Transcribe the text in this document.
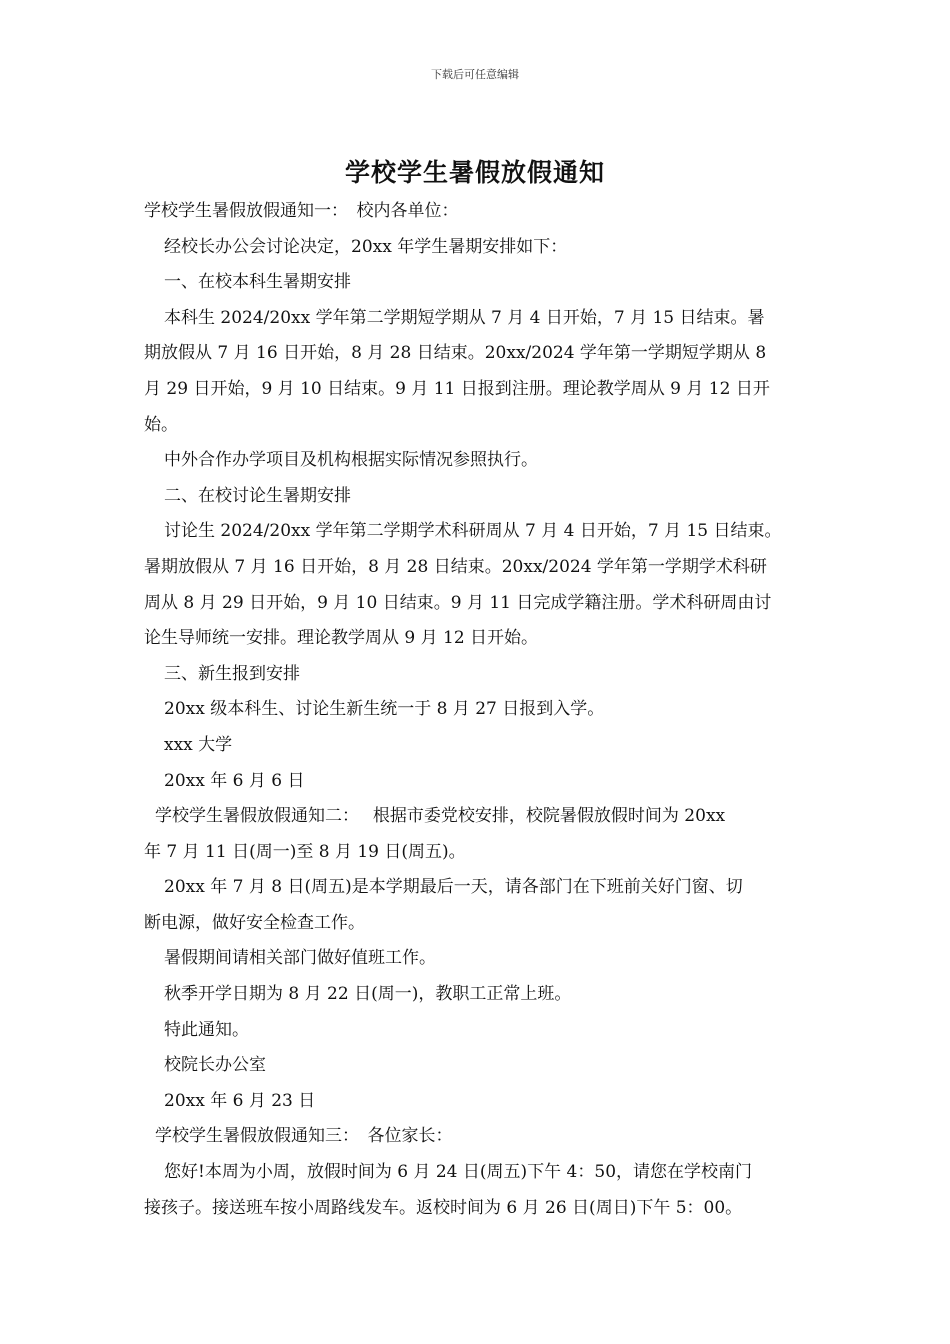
下载后可任意编辑
学校学生暑假放假通知
学校学生暑假放假通知一：　校内各单位：
经校长办公会讨论决定，20xx 年学生暑期安排如下：
一、在校本科生暑期安排
本科生 2024/20xx 学年第二学期短学期从 7 月 4 日开始，7 月 15 日结束。暑
期放假从 7 月 16 日开始，8 月 28 日结束。20xx/2024 学年第一学期短学期从 8
月 29 日开始，9 月 10 日结束。9 月 11 日报到注册。理论教学周从 9 月 12 日开
始。
中外合作办学项目及机构根据实际情况参照执行。
二、在校讨论生暑期安排
讨论生 2024/20xx 学年第二学期学术科研周从 7 月 4 日开始，7 月 15 日结束。
暑期放假从 7 月 16 日开始，8 月 28 日结束。20xx/2024 学年第一学期学术科研
周从 8 月 29 日开始，9 月 10 日结束。9 月 11 日完成学籍注册。学术科研周由讨
论生导师统一安排。理论教学周从 9 月 12 日开始。
三、新生报到安排
20xx 级本科生、讨论生新生统一于 8 月 27 日报到入学。
xxx 大学
20xx 年 6 月 6 日
学校学生暑假放假通知二：　 根据市委党校安排，校院暑假放假时间为 20xx
年 7 月 11 日(周一)至 8 月 19 日(周五)。
20xx 年 7 月 8 日(周五)是本学期最后一天，请各部门在下班前关好门窗、切
断电源，做好安全检查工作。
暑假期间请相关部门做好值班工作。
秋季开学日期为 8 月 22 日(周一)，教职工正常上班。
特此通知。
校院长办公室
20xx 年 6 月 23 日
学校学生暑假放假通知三：　各位家长：
您好!本周为小周，放假时间为 6 月 24 日(周五)下午 4：50，请您在学校南门
接孩子。接送班车按小周路线发车。返校时间为 6 月 26 日(周日)下午 5：00。
